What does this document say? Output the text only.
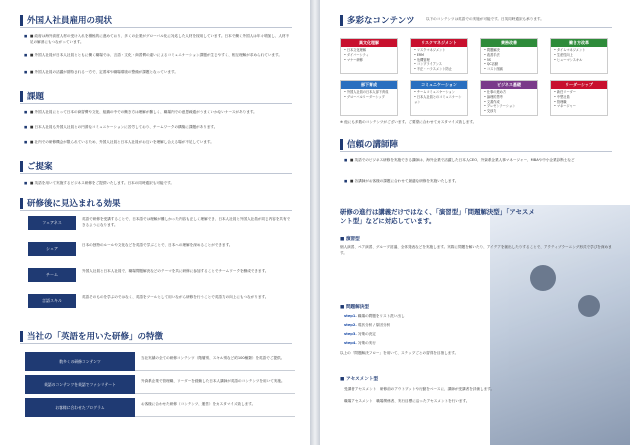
外国人社員雇用の現状
■ ■ 政府は海外高度人材の受け入れを積極的に進めており、多くの企業がグローバル化に対応した人材を採用しています。日本で働く外国人は年々増加し、人材不足の解消にもつながっています。
■ ■ 外国人社員が日本人社員とともに働く職場では、言語・文化・商習慣の違いによるコミュニケーション課題が生じやすく、相互理解が求められています。
■ ■ 外国人社員の活躍が期待される一方で、定着率や職場環境の整備が課題となっています。
課題
■ ■ 外国人社員にとって日本の商習慣や文化、組織の中での働き方は理解が難しく、職場内での意思疎通がうまくいかないケースがあります。
■ ■ 日本人社員も外国人社員との円滑なコミュニケーションに苦労しており、チームワークの構築に課題があります。
■ ■ 社内での研修機会が限られているため、外国人社員と日本人社員がお互いを理解し合える場が不足しています。
ご提案
■ ■ 英語を用いて実施するビジネス研修をご提供いたします。日本の同時通訳も可能です。
研修後に見込まれる効果
フェアネス
英語で研修を受講することで、日本語では理解が難しかった内容も正しく理解でき、日本人社員と外国人社員が同じ内容を共有できるようになります。
シェア
日本の独特のルールや文化などを英語で学ぶことで、日本への理解を深めることができます。
チーム
外国人社員と日本人社員で、職場問題解決などのテーマを共に研修に参加することでチームワークを醸成できます。
言語スキル
英語そのものを学ぶのではなく、英語をツールとして用いながら研修を行うことで英語力の向上にもつながります。
当社の「英語を用いた研修」の特徴
数多くの研修コンテンツ
当社実績の全ての研修コンテンツ（階層別、スキル別など約100種類）を英語でご提供。
英語のコンテンツを英語でファシリテート
外資系企業で管理職、リーダーを経験した日本人講師が英語のコンテンツを用いて実施。
お客様に合わせたプログラム
お客様に合わせた研修（コンテンツ、運営）をカスタマイズ致します。
多彩なコンテンツ	以下のコンテンツは英語での実施が可能です。日英同時通訳も承ります。
異文化理解
• 日本文化理解
• ダイバーシティ
• マナー研修
リスクマネジメント
• リスクマネジメント
• ERM
• 危機管理
• コンプライアンス
• 不正・ハラスメント防止
業務改善
• 問題解決
• 改善手法
• 5S
• QC活動
• コスト削減
働き方改革
• タイムマネジメント
• 生産性向上
• ヒューマンスキル
部下育成
• 外国人社員の日本人部下育成
• グローバルリーダーシップ
コミュニケーション
• チームコミュニケーション
• 日本人社員とのコミュニケーション
ビジネス基礎
• 仕事の進め方
• 論理的思考
• 文書作成
• プレゼンテーション
• 交渉力
リーダーシップ
• 新任リーダー
• 中堅社員
• 管理職
• マネージャー
※ 他にも多数のコンテンツがございます。ご要望に合わせてカスタマイズ致します。
信頼の講師陣
■ ■ 英語でのビジネス研修を実施できる講師は、海外企業で活躍した日本人CEO、外資系企業人事マネージャー、MBAや中小企業診断士など
■ ■ 各講師がお客様の課題に合わせて最適な研修を実施いたします。
研修の進行は講義だけではなく、「演習型」「問題解決型」「アセスメント型」などに対応しています。
■ 演習型
個人演習、ペア演習、グループ討議、全体発表などを実施します。実際に問題を解いたり、アイデアを創出したりすることで、アクティブラーニング形式で学びを深めます。
■ 問題解決型
step1. 職場の問題をリスト洗い出し
step2. 現状分析 / 原因分析
step3. 対策の決定
step4. 対策の実行
以上の「問題解決フロー」を用いて、ステップごとの習得を目指します。
■ アセスメント型
受講者アセスメント　研修前のアウトプットや行動をベースに、講師が受講者を評価します。
職場アセスメント　職場関係者、実行目標に沿ったアセスメントを行います。
